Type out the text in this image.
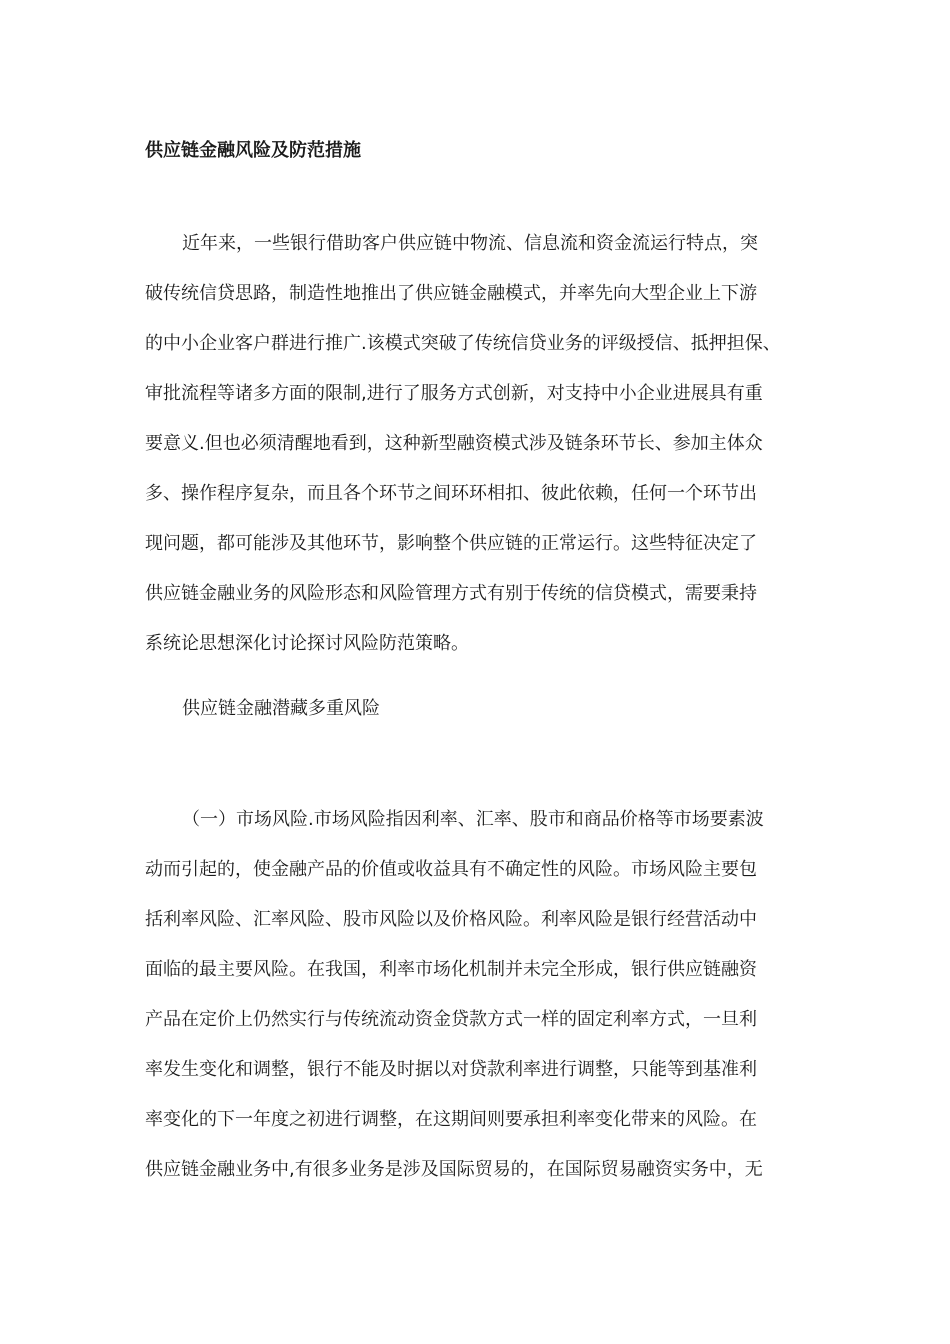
供应链金融风险及防范措施
近年来，一些银行借助客户供应链中物流、信息流和资金流运行特点，突
破传统信贷思路，制造性地推出了供应链金融模式，并率先向大型企业上下游
的中小企业客户群进行推广.该模式突破了传统信贷业务的评级授信、抵押担保、
审批流程等诸多方面的限制,进行了服务方式创新，对支持中小企业进展具有重
要意义.但也必须清醒地看到，这种新型融资模式涉及链条环节长、参加主体众
多、操作程序复杂，而且各个环节之间环环相扣、彼此依赖，任何一个环节出
现问题，都可能涉及其他环节，影响整个供应链的正常运行。这些特征决定了
供应链金融业务的风险形态和风险管理方式有别于传统的信贷模式，需要秉持
系统论思想深化讨论探讨风险防范策略。
供应链金融潜藏多重风险
（一）市场风险.市场风险指因利率、汇率、股市和商品价格等市场要素波
动而引起的，使金融产品的价值或收益具有不确定性的风险。市场风险主要包
括利率风险、汇率风险、股市风险以及价格风险。利率风险是银行经营活动中
面临的最主要风险。在我国，利率市场化机制并未完全形成，银行供应链融资
产品在定价上仍然实行与传统流动资金贷款方式一样的固定利率方式，一旦利
率发生变化和调整，银行不能及时据以对贷款利率进行调整，只能等到基准利
率变化的下一年度之初进行调整，在这期间则要承担利率变化带来的风险。在
供应链金融业务中,有很多业务是涉及国际贸易的，在国际贸易融资实务中，无
